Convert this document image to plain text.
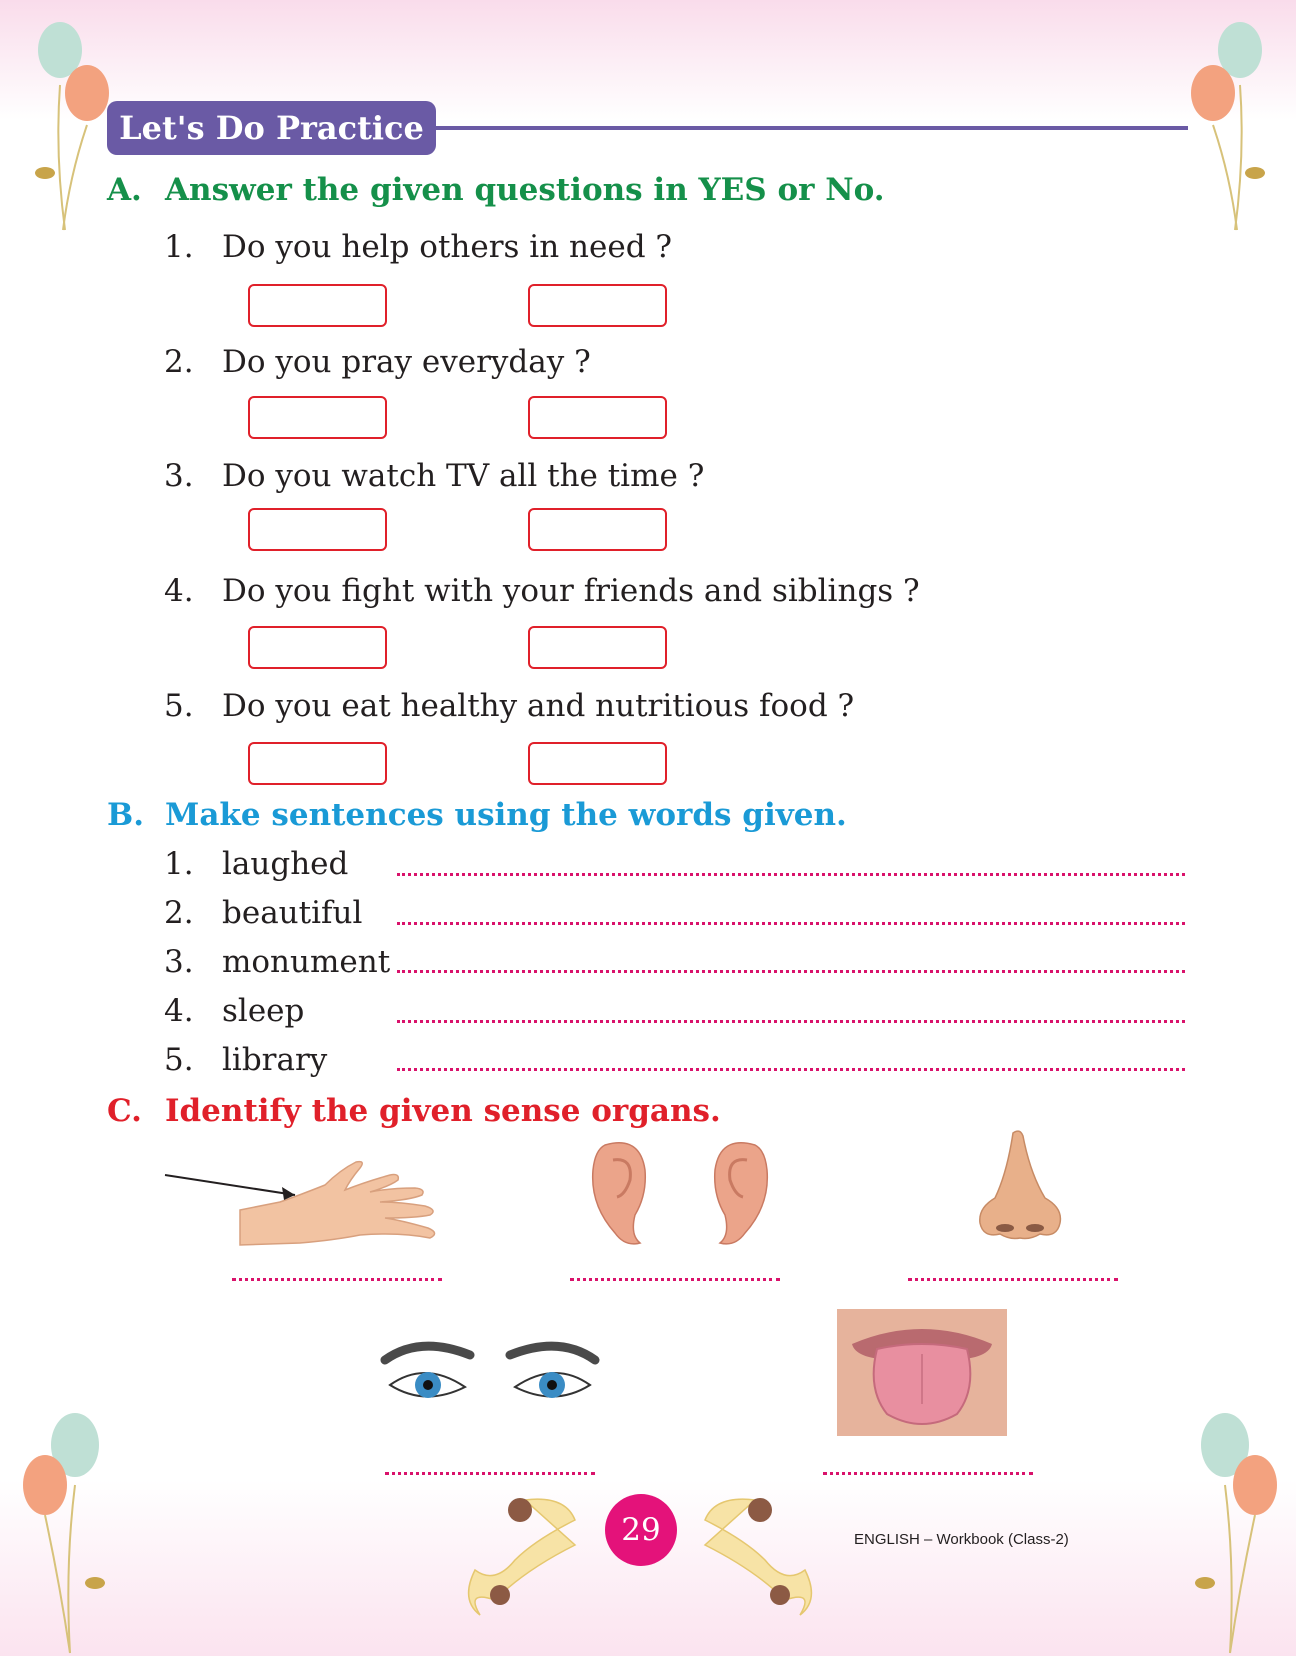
Let's Do Practice
A. Answer the given questions in YES or No.
1. Do you help others in need ?
2. Do you pray everyday ?
3. Do you watch TV all the time ?
4. Do you fight with your friends and siblings ?
5. Do you eat healthy and nutritious food ?
B. Make sentences using the words given.
1. laughed
2. beautiful
3. monument
4. sleep
5. library
C. Identify the given sense organs.
29	ENGLISH – Workbook (Class-2)
